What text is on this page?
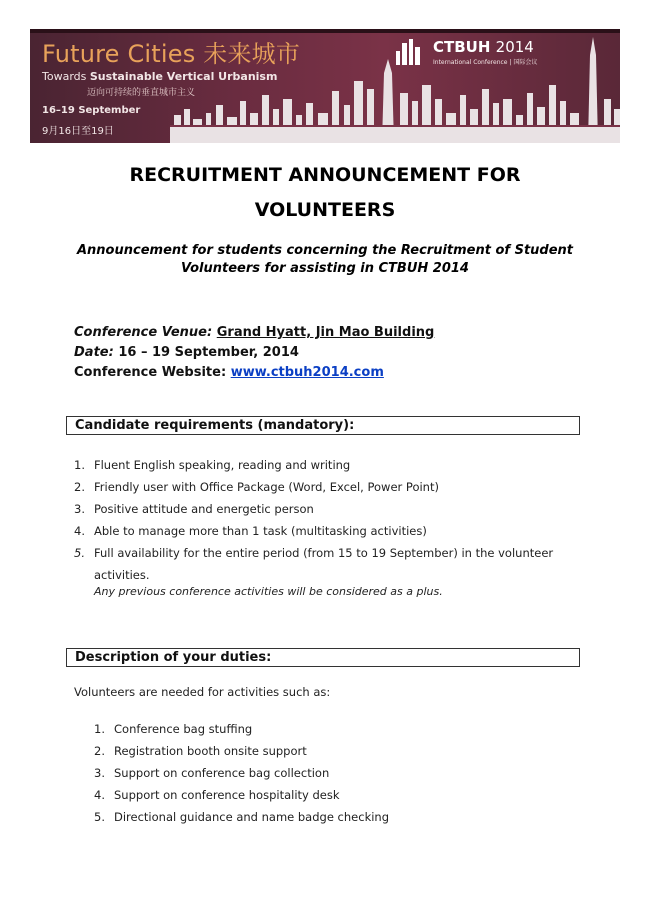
Future Cities 未来城市
Towards Sustainable Vertical Urbanism
迈向可持续的垂直城市主义
16–19 September
9月16日至19日
CTBUH 2014
International Conference | 国际会议
RECRUITMENT ANNOUNCEMENT FOR
VOLUNTEERS
Announcement for students concerning the Recruitment of Student
Volunteers for assisting in CTBUH 2014
Conference Venue: Grand Hyatt, Jin Mao Building
Date: 16 – 19 September, 2014
Conference Website: www.ctbuh2014.com
Candidate requirements (mandatory):
1. Fluent English speaking, reading and writing
2. Friendly user with Office Package (Word, Excel, Power Point)
3. Positive attitude and energetic person
4. Able to manage more than 1 task (multitasking activities)
5. Full availability for the entire period (from 15 to 19 September) in the volunteer
activities.
Any previous conference activities will be considered as a plus.
Description of your duties:
Volunteers are needed for activities such as:
1. Conference bag stuffing
2. Registration booth onsite support
3. Support on conference bag collection
4. Support on conference hospitality desk
5. Directional guidance and name badge checking
